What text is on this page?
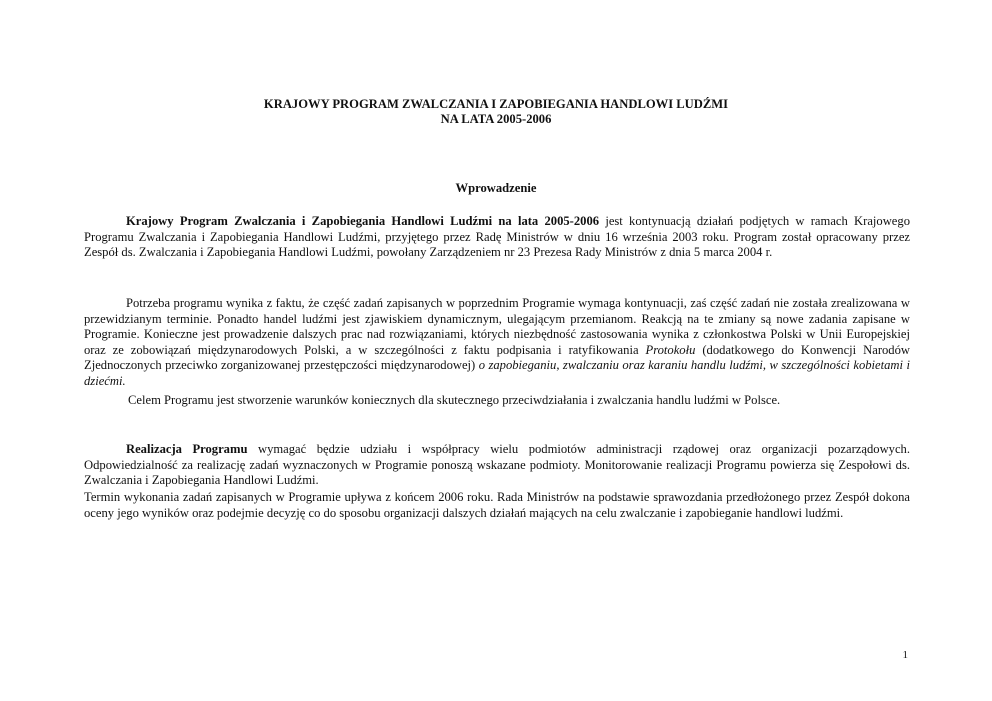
KRAJOWY PROGRAM ZWALCZANIA I ZAPOBIEGANIA HANDLOWI LUDŹMI
NA LATA 2005-2006
Wprowadzenie

Krajowy Program Zwalczania i Zapobiegania Handlowi Ludźmi na lata 2005-2006 jest kontynuacją działań podjętych w ramach Krajowego Programu Zwalczania i Zapobiegania Handlowi Ludźmi, przyjętego przez Radę Ministrów w dniu 16 września 2003 roku. Program został opracowany przez Zespół ds. Zwalczania i Zapobiegania Handlowi Ludźmi, powołany Zarządzeniem nr 23 Prezesa Rady Ministrów z dnia 5 marca 2004 r.

Potrzeba programu wynika z faktu, że część zadań zapisanych w poprzednim Programie wymaga kontynuacji, zaś część zadań nie została zrealizowana w przewidzianym terminie. Ponadto handel ludźmi jest zjawiskiem dynamicznym, ulegającym przemianom. Reakcją na te zmiany są nowe zadania zapisane w Programie. Konieczne jest prowadzenie dalszych prac nad rozwiązaniami, których niezbędność zastosowania wynika z członkostwa Polski w Unii Europejskiej oraz ze zobowiązań międzynarodowych Polski, a w szczególności z faktu podpisania i ratyfikowania Protokołu (dodatkowego do Konwencji Narodów Zjednoczonych przeciwko zorganizowanej przestępczości międzynarodowej) o zapobieganiu, zwalczaniu oraz karaniu handlu ludźmi, w szczególności kobietami i dziećmi.

Celem Programu jest stworzenie warunków koniecznych dla skutecznego przeciwdziałania i zwalczania handlu ludźmi w Polsce.

Realizacja Programu wymagać będzie udziału i współpracy wielu podmiotów administracji rządowej oraz organizacji pozarządowych. Odpowiedzialność za realizację zadań wyznaczonych w Programie ponoszą wskazane podmioty. Monitorowanie realizacji Programu powierza się Zespołowi ds. Zwalczania i Zapobiegania Handlowi Ludźmi.

Termin wykonania zadań zapisanych w Programie upływa z końcem 2006 roku. Rada Ministrów na podstawie sprawozdania przedłożonego przez Zespół dokona oceny jego wyników oraz podejmie decyzję co do sposobu organizacji dalszych działań mających na celu zwalczanie i zapobieganie handlowi ludźmi.

1
